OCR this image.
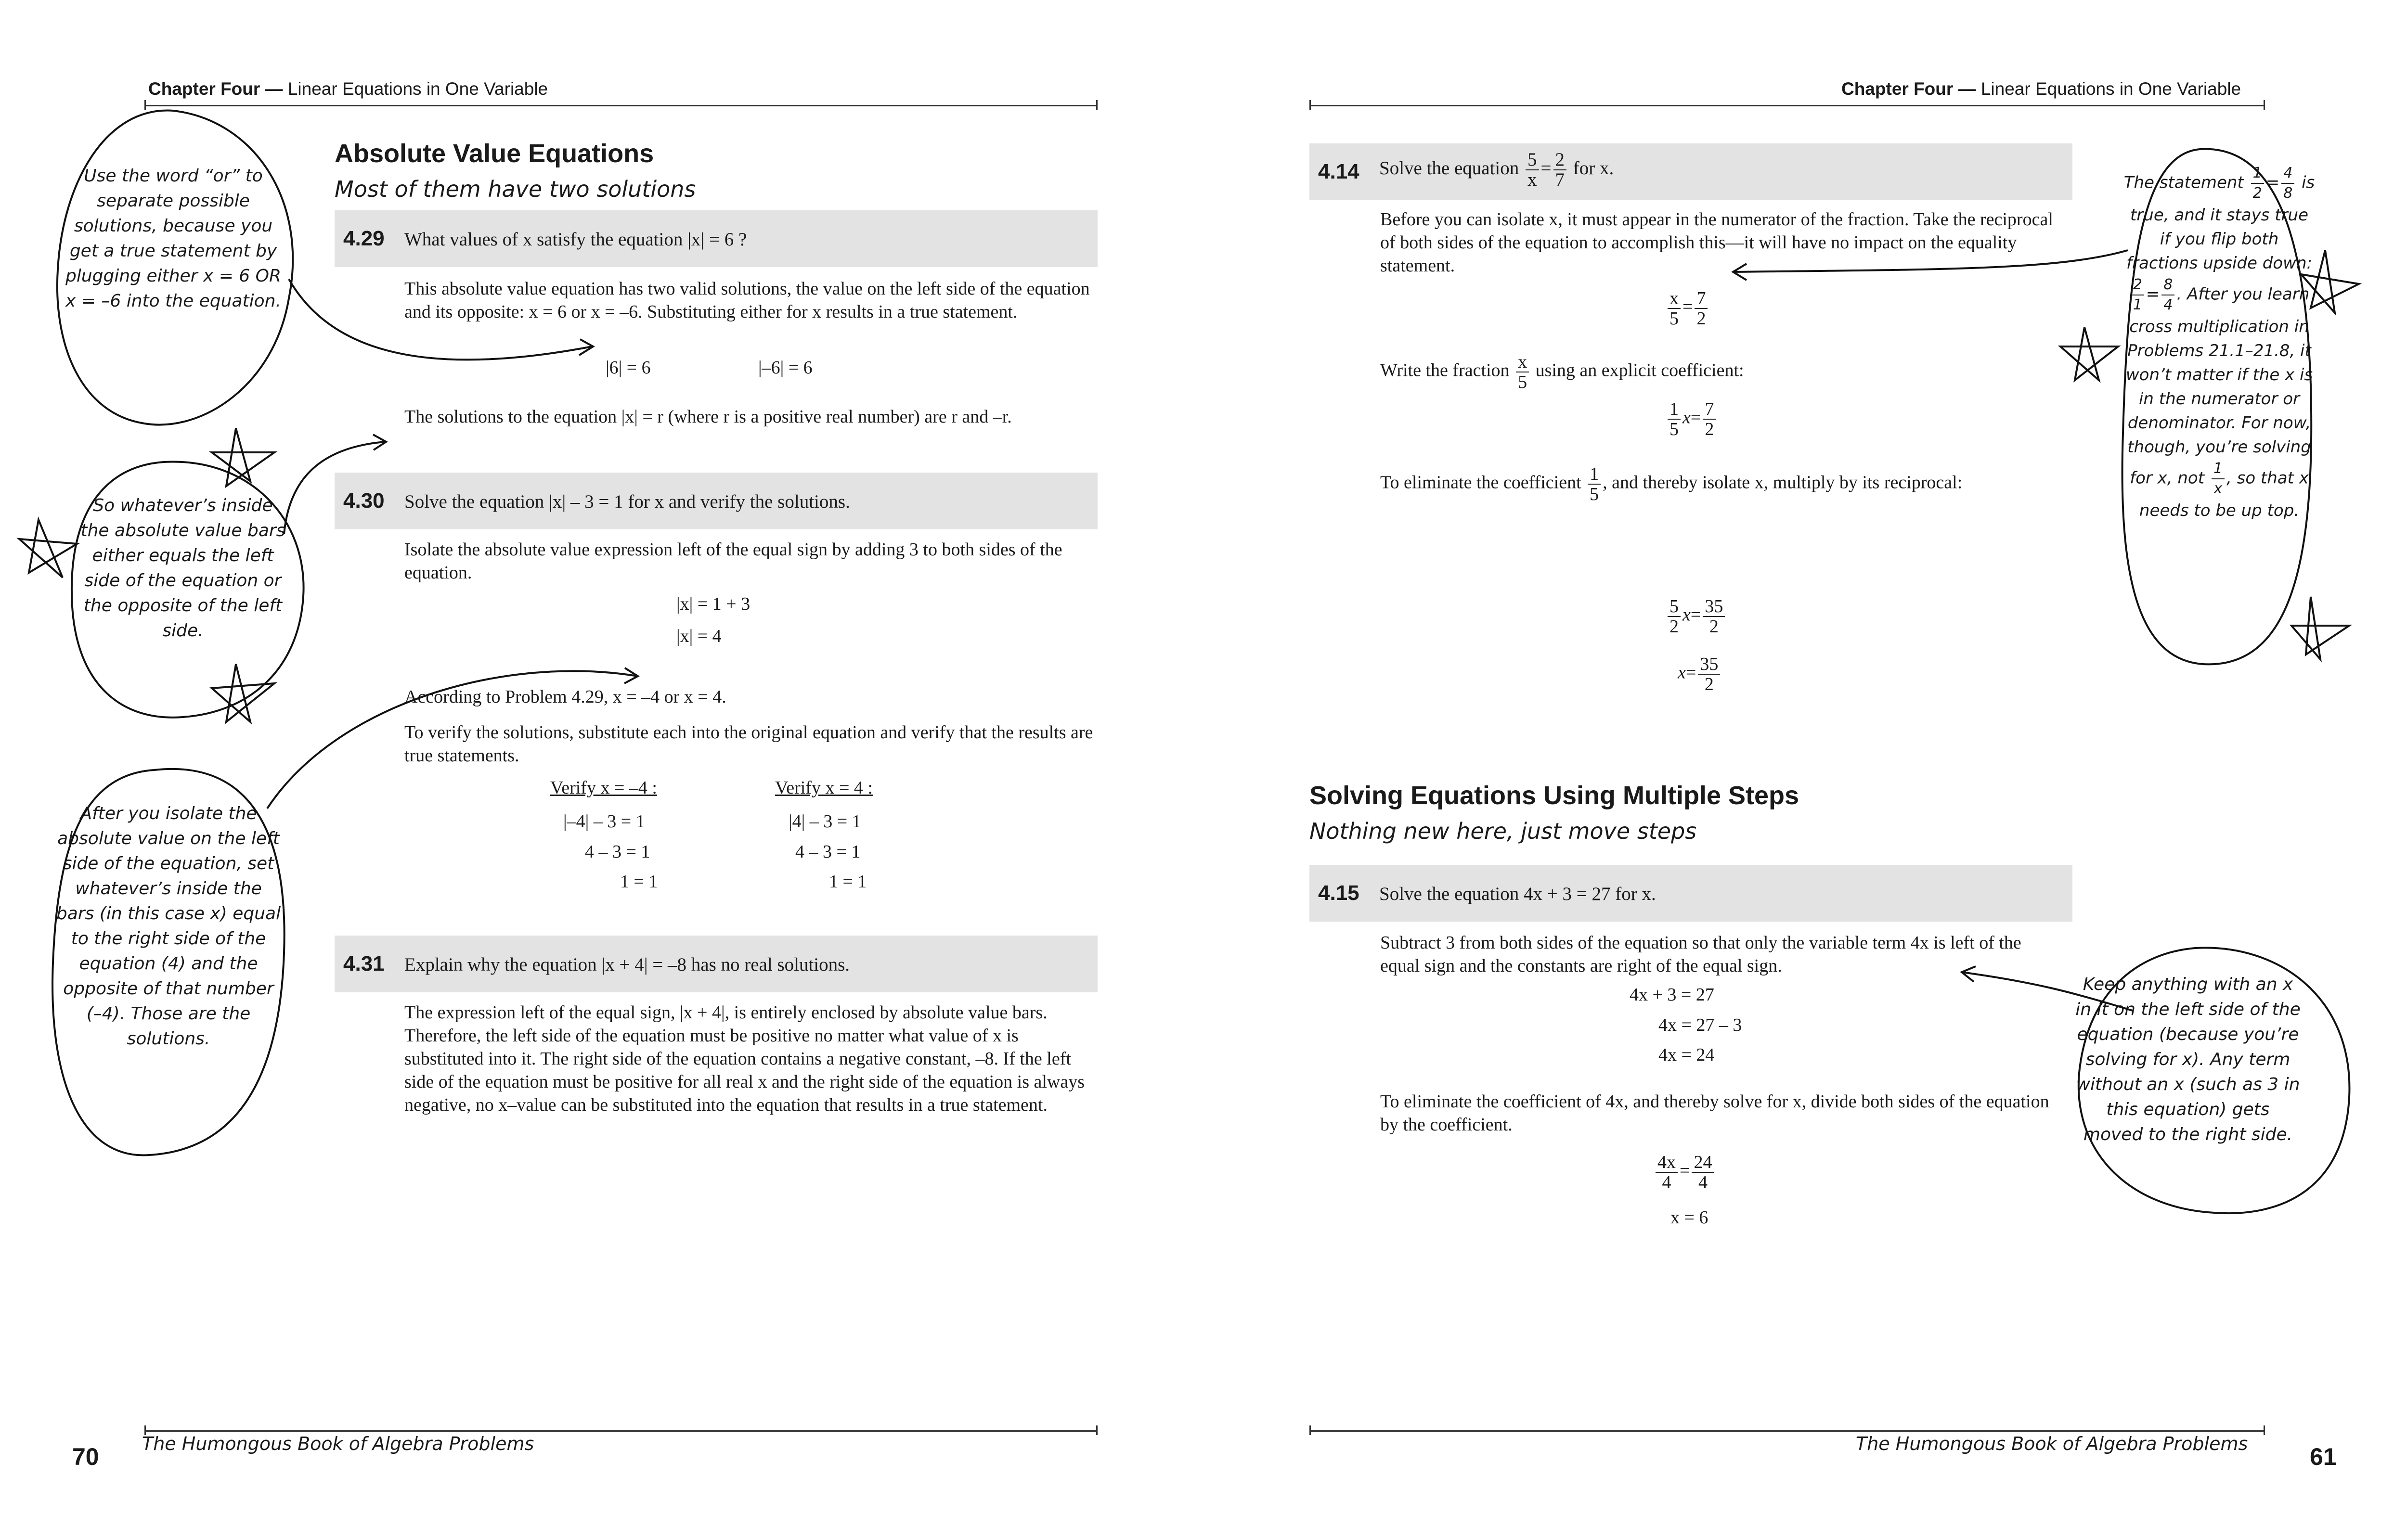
Chapter Four — Linear Equations in One Variable
Absolute Value Equations
Most of them have two solutions
4.29 What values of x satisfy the equation |x| = 6 ?
This absolute value equation has two valid solutions, the value on the left side of the equation and its opposite: x = 6 or x = –6. Substituting either for x results in a true statement.
|6| = 6	|–6| = 6
The solutions to the equation |x| = r (where r is a positive real number) are r and –r.
4.30 Solve the equation |x| – 3 = 1 for x and verify the solutions.
Isolate the absolute value expression left of the equal sign by adding 3 to both sides of the equation.
|x| = 1 + 3
|x| = 4
According to Problem 4.29, x = –4 or x = 4.
To verify the solutions, substitute each into the original equation and verify that the results are true statements.
Verify x = –4 :
|–4| – 3 = 1
4 – 3 = 1
1 = 1
Verify x = 4 :
|4| – 3 = 1
4 – 3 = 1
1 = 1
4.31 Explain why the equation |x + 4| = –8 has no real solutions.
The expression left of the equal sign, |x + 4|, is entirely enclosed by absolute value bars. Therefore, the left side of the equation must be positive no matter what value of x is substituted into it. The right side of the equation contains a negative constant, –8. If the left side of the equation must be positive for all real x and the right side of the equation is always negative, no x–value can be substituted into the equation that results in a true statement.
Use the word “or” to separate possible solutions, because you get a true statement by plugging either x = 6 OR x = –6 into the equation.
So whatever’s inside the absolute value bars either equals the left side of the equation or the opposite of the left side.
After you isolate the absolute value on the left side of the equation, set whatever’s inside the bars (in this case x) equal to the right side of the equation (4) and the opposite of that number (–4). Those are the solutions.
70 The Humongous Book of Algebra Problems
Chapter Four — Linear Equations in One Variable
4.14 Solve the equation $\frac{5}{x} = \frac{2}{7}$ for x.
Before you can isolate x, it must appear in the numerator of the fraction. Take the reciprocal of both sides of the equation to accomplish this—it will have no impact on the equality statement.
$\frac{x}{5} = \frac{7}{2}$
Write the fraction $\frac{x}{5}$ using an explicit coefficient:
$\frac{1}{5} x= \frac{7}{2}$
To eliminate the coefficient $\frac{1}{5}$ , and thereby isolate x, multiply by its reciprocal:
$\frac{5}{2} x= \frac{35}{2}$
$x= \frac{35}{2}$
Solving Equations Using Multiple Steps
Nothing new here, just move steps
4.15 Solve the equation 4x + 3 = 27 for x.
Subtract 3 from both sides of the equation so that only the variable term 4x is left of the equal sign and the constants are right of the equal sign.
4x + 3 = 27
4x = 27 – 3
4x = 24
To eliminate the coefficient of 4x, and thereby solve for x, divide both sides of the equation by the coefficient.
$\frac{4x}{4} = \frac{24}{4}$
x = 6
The statement $\frac{1}{2} = \frac{4}{8}$ is true, and it stays true if you flip both fractions upside down:
$\frac{2}{1} = \frac{8}{4}$ . After you learn cross multiplication in Problems 21.1–21.8, it won’t matter if the x is in the numerator or denominator. For now, though, you’re solving for x, not $\frac{1}{x}$ , so that x needs to be up top.
Keep anything with an x in it on the left side of the equation (because you’re solving for x). Any term without an x (such as 3 in this equation) gets moved to the right side.
The Humongous Book of Algebra Problems	61
